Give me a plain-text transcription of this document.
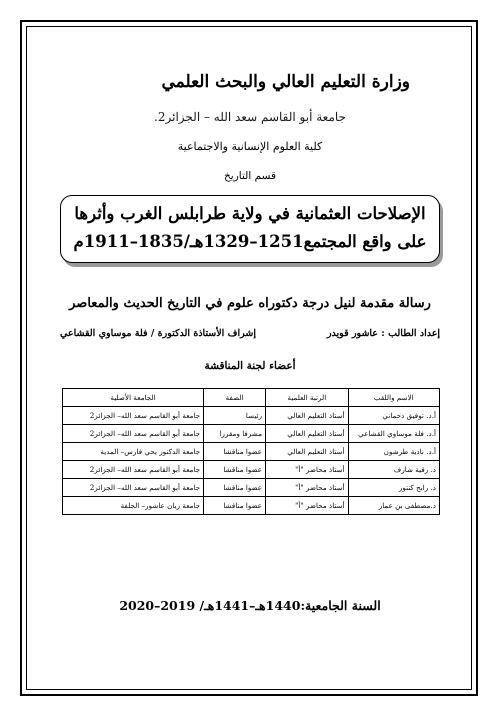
وزارة التعليم العالي والبحث العلمي
جامعة أبو القاسم سعد الله – الجزائر2.
كلية العلوم الإنسانية والاجتماعية
قسم التاريخ
الإصلاحات العثمانية في ولاية طرابلس الغرب وأثرها
على واقع المجتمع1251–1329هـ/1835–1911م
رسالة مقدمة لنيل درجة دكتوراه علوم في التاريخ الحديث والمعاصر
إعداد الطالب : عاشور قويدر
إشراف الأستاذة الدكتورة / فلة موساوي القشاعي
أعضاء لجنة المناقشة
الاسم واللقب	الرتبة العلمية	الصفة	الجامعة الأصلية
أ.د. توفيق دحماني	أستاذ التعليم العالي	رئيسا	جامعة أبو القاسم سعد الله– الجزائر2
أ.د. فلة موساوي القشاعي	أستاذ التعليم العالي	مشرفا ومقررا	جامعة أبو القاسم سعد الله– الجزائر2
أ.د. نادية طرشون	أستاذ التعليم العالي	عضوا مناقشا	جامعة الدكتور يحي فارس– المدية
د. رقية شارف	أستاذ محاضر "أ"	عضوا مناقشا	جامعة أبو القاسم سعد الله– الجزائر2
د. رابح كنتور	أستاذ محاضر "أ"	عضوا مناقشا	جامعة أبو القاسم سعد الله– الجزائر2
د.مصطفى بن عمار	أستاذ محاضر "أ"	عضوا مناقشا	جامعة زيان عاشور– الجلفة
السنة الجامعية:1440هـ–1441هـ/ 2019–2020
